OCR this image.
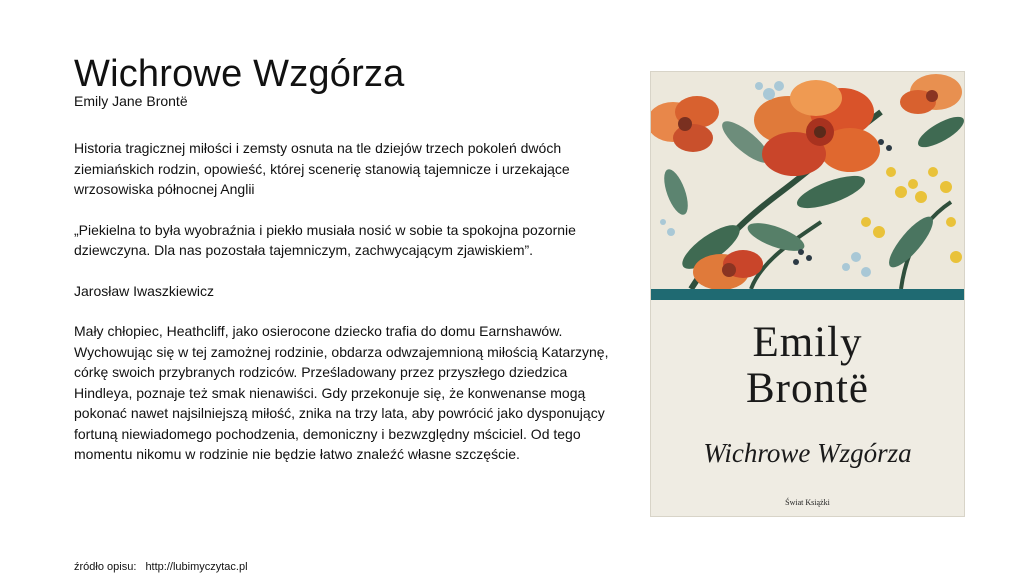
Wichrowe Wzgórza
Emily Jane Brontë

Historia tragicznej miłości i zemsty osnuta na tle dziejów trzech pokoleń dwóch ziemiańskich rodzin, opowieść, której scenerię stanowią tajemnicze i urzekające wrzosowiska północnej Anglii

„Piekielna to była wyobraźnia i piekło musiała nosić w sobie ta spokojna pozornie dziewczyna. Dla nas pozostała tajemniczym, zachwycającym zjawiskiem”.

Jarosław Iwaszkiewicz

Mały chłopiec, Heathcliff, jako osierocone dziecko trafia do domu Earnshawów. Wychowując się w tej zamożnej rodzinie, obdarza odwzajemnioną miłością Katarzynę, córkę swoich przybranych rodziców. Prześladowany przez przyszłego dziedzica Hindleya, poznaje też smak nienawiści. Gdy przekonuje się, że konwenanse mogą pokonać nawet najsilniejszą miłość, znika na trzy lata, aby powrócić jako dysponujący fortuną niewiadomego pochodzenia, demoniczny i bezwzględny mściciel. Od tego momentu nikomu w rodzinie nie będzie łatwo znaleźć własne szczęście.

źródło opisu: http://lubimyczytac.pl
Emily
Brontë
Wichrowe Wzgórza
Świat Książki
